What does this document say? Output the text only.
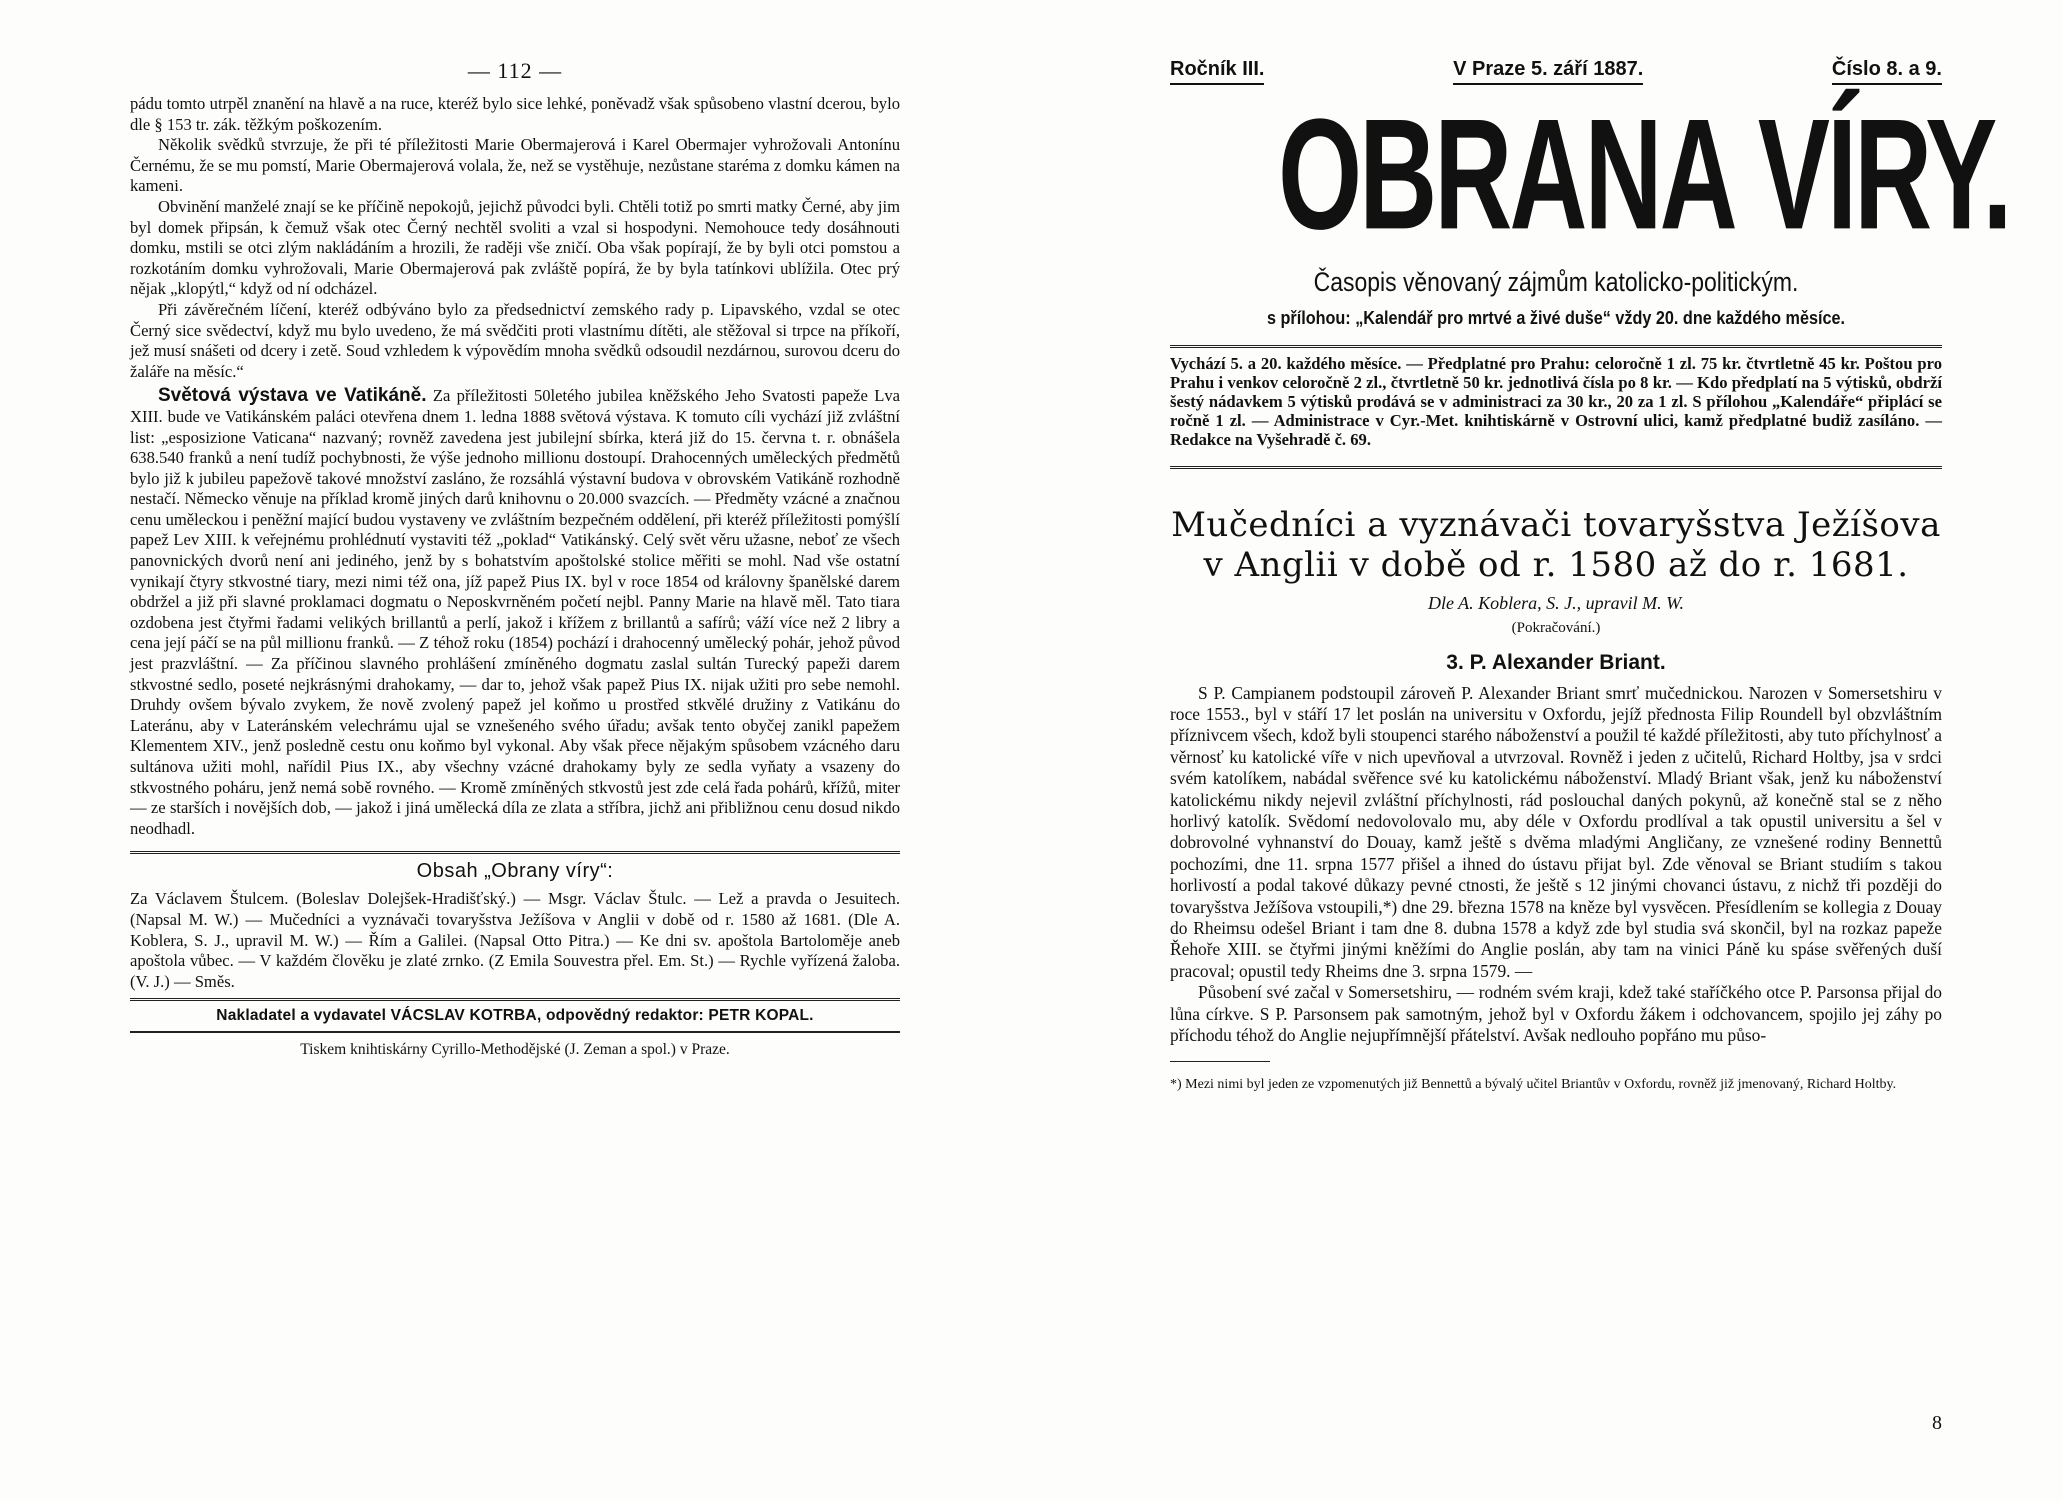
— 112 —

pádu tomto utrpěl znanění na hlavě a na ruce, kteréž bylo sice lehké, poněvadž však spůsobeno vlastní dcerou, bylo dle § 153 tr. zák. těžkým poškozením.

Několik svědků stvrzuje, že při té příležitosti Marie Obermajerová i Karel Obermajer vyhrožovali Antonínu Černému, že se mu pomstí, Marie Obermajerová volala, že, než se vystěhuje, nezůstane staréma z domku kámen na kameni.

Obvinění manželé znají se ke příčině nepokojů, jejichž původci byli. Chtěli totiž po smrti matky Černé, aby jim byl domek připsán, k čemuž však otec Černý nechtěl svoliti a vzal si hospodyni. Nemohouce tedy dosáhnouti domku, mstili se otci zlým nakládáním a hrozili, že raději vše zničí. Oba však popírají, že by byli otci pomstou a rozkotáním domku vyhrožovali, Marie Obermajerová pak zvláště popírá, že by byla tatínkovi ublížila. Otec prý nějak „klopýtl,“ když od ní odcházel.

Při závěrečném líčení, kteréž odbýváno bylo za předsednictví zemského rady p. Lipavského, vzdal se otec Černý sice svědectví, když mu bylo uvedeno, že má svědčiti proti vlastnímu dítěti, ale stěžoval si trpce na příkoří, jež musí snášeti od dcery i zetě. Soud vzhledem k výpovědím mnoha svědků odsoudil nezdárnou, surovou dceru do žaláře na měsíc.“

Světová výstava ve Vatikáně. Za příležitosti 50letého jubilea kněžského Jeho Svatosti papeže Lva XIII. bude ve Vatikánském paláci otevřena dnem 1. ledna 1888 světová výstava. K tomuto cíli vychází již zvláštní list: „esposizione Vaticana“ nazvaný; rovněž zavedena jest jubilejní sbírka, která již do 15. června t. r. obnášela 638.540 franků a není tudíž pochybnosti, že výše jednoho millionu dostoupí. Drahocenných uměleckých předmětů bylo již k jubileu papežově takové množství zasláno, že rozsáhlá výstavní budova v obrovském Vatikáně rozhodně nestačí. Německo věnuje na příklad kromě jiných darů knihovnu o 20.000 svazcích. — Předměty vzácné a značnou cenu uměleckou i peněžní mající budou vystaveny ve zvláštním bezpečném oddělení, při kteréž příležitosti pomýšlí papež Lev XIII. k veřejnému prohlédnutí vystaviti též „poklad“ Vatikánský. Celý svět věru užasne, neboť ze všech panovnických dvorů není ani jediného, jenž by s bohatstvím apoštolské stolice měřiti se mohl. Nad vše ostatní vynikají čtyry stkvostné tiary, mezi nimi též ona, jíž papež Pius IX. byl v roce 1854 od královny španělské darem obdržel a již při slavné proklamaci dogmatu o Neposkvrněném početí nejbl. Panny Marie na hlavě měl. Tato tiara ozdobena jest čtyřmi řadami velikých brillantů a perlí, jakož i křížem z brillantů a safírů; váží více než 2 libry a cena její páčí se na půl millionu franků. — Z téhož roku (1854) pochází i drahocenný umělecký pohár, jehož původ jest prazvláštní. — Za příčinou slavného prohlášení zmíněného dogmatu zaslal sultán Turecký papeži darem stkvostné sedlo, poseté nejkrásnými drahokamy, — dar to, jehož však papež Pius IX. nijak užiti pro sebe nemohl. Druhdy ovšem bývalo zvykem, že nově zvolený papež jel koňmo u prostřed stkvělé družiny z Vatikánu do Lateránu, aby v Lateránském velechrámu ujal se vznešeného svého úřadu; avšak tento obyčej zanikl papežem Klementem XIV., jenž posledně cestu onu koňmo byl vykonal. Aby však přece nějakým spůsobem vzácného daru sultánova užiti mohl, nařídil Pius IX., aby všechny vzácné drahokamy byly ze sedla vyňaty a vsazeny do stkvostného poháru, jenž nemá sobě rovného. — Kromě zmíněných stkvostů jest zde celá řada pohárů, křížů, miter — ze starších i novějších dob, — jakož i jiná umělecká díla ze zlata a stříbra, jichž ani přibližnou cenu dosud nikdo neodhadl.

Obsah „Obrany víry“:

Za Václavem Štulcem. (Boleslav Dolejšek-Hradišťský.) — Msgr. Václav Štulc. — Lež a pravda o Jesuitech. (Napsal M. W.) — Mučedníci a vyznávači tovaryšstva Ježíšova v Anglii v době od r. 1580 až 1681. (Dle A. Koblera, S. J., upravil M. W.) — Řím a Galilei. (Napsal Otto Pitra.) — Ke dni sv. apoštola Bartoloměje aneb apoštola vůbec. — V každém člověku je zlaté zrnko. (Z Emila Souvestra přel. Em. St.) — Rychle vyřízená žaloba. (V. J.) — Směs.

Nakladatel a vydavatel VÁCSLAV KOTRBA, odpovědný redaktor: PETR KOPAL.
Tiskem knihtiskárny Cyrillo-Methodějské (J. Zeman a spol.) v Praze.
Ročník III.	V Praze 5. září 1887.	Číslo 8. a 9.
OBRANA VÍRY.
Časopis věnovaný zájmům katolicko-politickým.
s přílohou: „Kalendář pro mrtvé a živé duše“ vždy 20. dne každého měsíce.

Vychází 5. a 20. každého měsíce. — Předplatné pro Prahu: celoročně 1 zl. 75 kr. čtvrtletně 45 kr. Poštou pro Prahu i venkov celoročně 2 zl., čtvrtletně 50 kr. jednotlivá čísla po 8 kr. — Kdo předplatí na 5 výtisků, obdrží šestý nádavkem 5 výtisků prodává se v administraci za 30 kr., 20 za 1 zl. S přílohou „Kalendáře“ připlácí se ročně 1 zl. — Administrace v Cyr.-Met. knihtiskárně v Ostrovní ulici, kamž předplatné budiž zasíláno. — Redakce na Vyšehradě č. 69.

Mučedníci a vyznávači tovaryšstva Ježíšova v Anglii v době od r. 1580 až do r. 1681.
Dle A. Koblera, S. J., upravil M. W.
(Pokračování.)
3. P. Alexander Briant.

S P. Campianem podstoupil zároveň P. Alexander Briant smrť mučednickou. Narozen v Somersetshiru v roce 1553., byl v stáří 17 let poslán na universitu v Oxfordu, jejíž přednosta Filip Roundell byl obzvláštním příznivcem všech, kdož byli stoupenci starého náboženství a použil té každé příležitosti, aby tuto příchylnosť a věrnosť ku katolické víře v nich upevňoval a utvrzoval. Rovněž i jeden z učitelů, Richard Holtby, jsa v srdci svém katolíkem, nabádal svěřence své ku katolickému náboženství. Mladý Briant však, jenž ku náboženství katolickému nikdy nejevil zvláštní příchylnosti, rád poslouchal daných pokynů, až konečně stal se z něho horlivý katolík. Svědomí nedovolovalo mu, aby déle v Oxfordu prodlíval a tak opustil universitu a šel v dobrovolné vyhnanství do Douay, kamž ještě s dvěma mladými Angličany, ze vznešené rodiny Bennettů pochozími, dne 11. srpna 1577 přišel a ihned do ústavu přijat byl. Zde věnoval se Briant studiím s takou horlivostí a podal takové důkazy pevné ctnosti, že ještě s 12 jinými chovanci ústavu, z nichž tři později do tovaryšstva Ježíšova vstoupili,*) dne 29. března 1578 na kněze byl vysvěcen. Přesídlením se kollegia z Douay do Rheimsu odešel Briant i tam dne 8. dubna 1578 a když zde byl studia svá skončil, byl na rozkaz papeže Řehoře XIII. se čtyřmi jinými kněžími do Anglie poslán, aby tam na vinici Páně ku spáse svěřených duší pracoval; opustil tedy Rheims dne 3. srpna 1579. —

Působení své začal v Somersetshiru, — rodném svém kraji, kdež také staříčkého otce P. Parsonsa přijal do lůna církve. S P. Parsonsem pak samotným, jehož byl v Oxfordu žákem i odchovancem, spojilo jej záhy po příchodu téhož do Anglie nejupřímnější přátelství. Avšak nedlouho popřáno mu půso-

*) Mezi nimi byl jeden ze vzpomenutých již Bennettů a bývalý učitel Briantův v Oxfordu, rovněž již jmenovaný, Richard Holtby.

8
